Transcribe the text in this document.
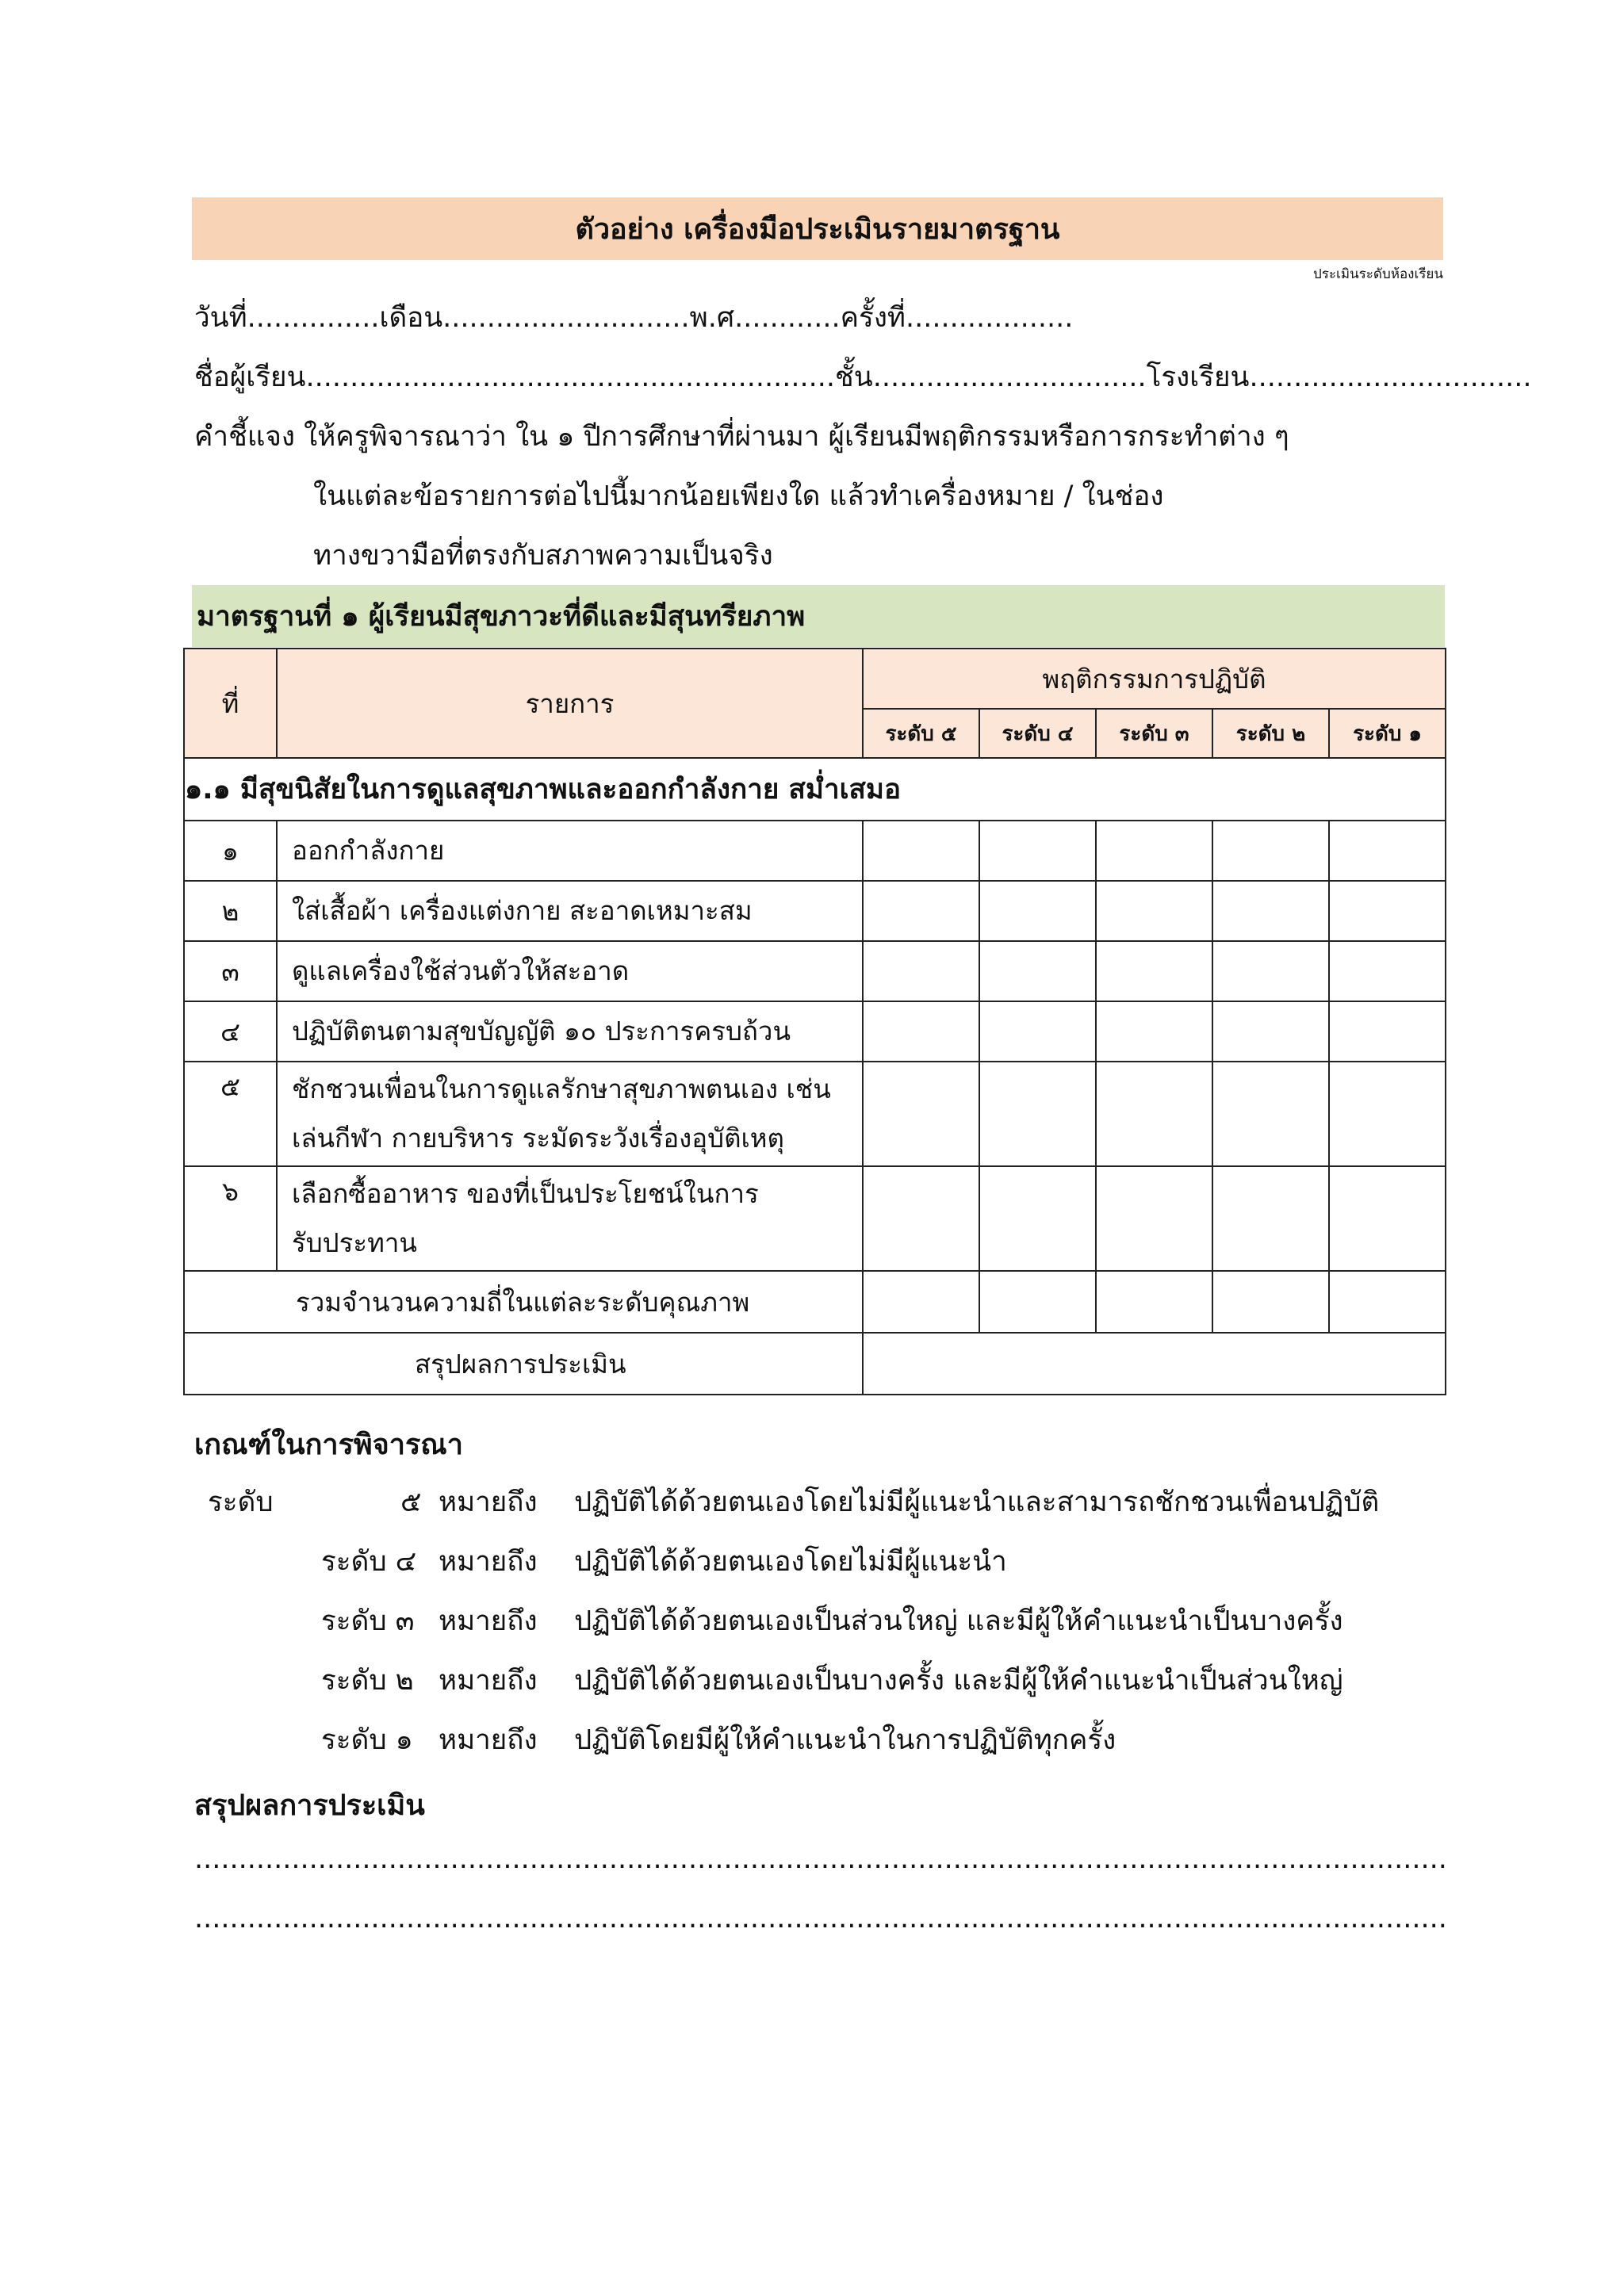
ตัวอย่าง เครื่องมือประเมินรายมาตรฐาน
ประเมินระดับห้องเรียน
วันที่...............เดือน............................พ.ศ............ครั้งที่...................
ชื่อผู้เรียน............................................................ชั้น...............................โรงเรียน................................
คำชี้แจง ให้ครูพิจารณาว่า ใน ๑ ปีการศึกษาที่ผ่านมา ผู้เรียนมีพฤติกรรมหรือการกระทำต่าง ๆ
ในแต่ละข้อรายการต่อไปนี้มากน้อยเพียงใด แล้วทำเครื่องหมาย / ในช่อง
ทางขวามือที่ตรงกับสภาพความเป็นจริง
มาตรฐานที่ ๑ ผู้เรียนมีสุขภาวะที่ดีและมีสุนทรียภาพ
ที่	รายการ	พฤติกรรมการปฏิบัติ				
		ระดับ ๕	ระดับ ๔	ระดับ ๓	ระดับ ๒	ระดับ ๑
๑.๑ มีสุขนิสัยในการดูแลสุขภาพและออกกำลังกาย สม่ำเสมอ						
๑	ออกกำลังกาย					
๒	ใส่เสื้อผ้า เครื่องแต่งกาย สะอาดเหมาะสม					
๓	ดูแลเครื่องใช้ส่วนตัวให้สะอาด					
๔	ปฏิบัติตนตามสุขบัญญัติ ๑๐ ประการครบถ้วน					
๕	ชักชวนเพื่อนในการดูแลรักษาสุขภาพตนเอง เช่น
เล่นกีฬา กายบริหาร ระมัดระวังเรื่องอุบัติเหตุ					
๖	เลือกซื้ออาหาร ของที่เป็นประโยชน์ในการ
รับประทาน					
รวมจำนวนความถี่ในแต่ละระดับคุณภาพ						
สรุปผลการประเมิน						
เกณฑ์ในการพิจารณา
ระดับ	๕ หมายถึง ปฏิบัติได้ด้วยตนเองโดยไม่มีผู้แนะนำและสามารถชักชวนเพื่อนปฏิบัติ
ระดับ ๔ หมายถึง ปฏิบัติได้ด้วยตนเองโดยไม่มีผู้แนะนำ
ระดับ ๓ หมายถึง ปฏิบัติได้ด้วยตนเองเป็นส่วนใหญ่ และมีผู้ให้คำแนะนำเป็นบางครั้ง
ระดับ ๒ หมายถึง ปฏิบัติได้ด้วยตนเองเป็นบางครั้ง และมีผู้ให้คำแนะนำเป็นส่วนใหญ่
ระดับ ๑ หมายถึง ปฏิบัติโดยมีผู้ให้คำแนะนำในการปฏิบัติทุกครั้ง
สรุปผลการประเมิน
..............................................................................................................................................
..............................................................................................................................................
